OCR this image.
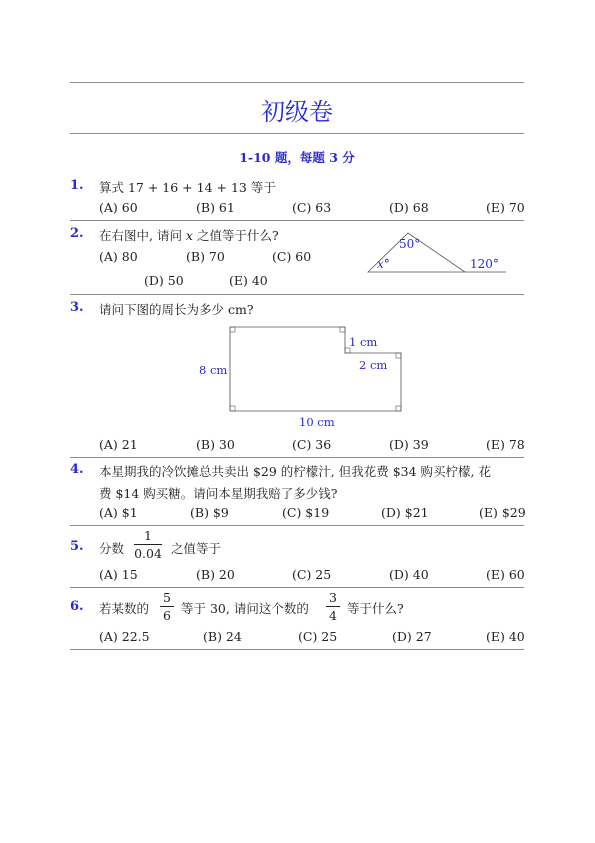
初级卷
1-10 题，每题 3 分
1. 算式 17 + 16 + 14 + 13 等于
(A) 60	(B) 61	(C) 63	(D) 68	(E) 70
2. 在右图中, 请问 x 之值等于什么?
(A) 80	(B) 70	(C) 60
(D) 50	(E) 40
50°
x°	120°
3. 请问下图的周长为多少 cm?
8 cm
1 cm
2 cm
10 cm
(A) 21	(B) 30	(C) 36	(D) 39	(E) 78
4. 本星期我的冷饮摊总共卖出 $29 的柠檬汁, 但我花费 $34 购买柠檬, 花
费 $14 购买糖。请问本星期我赔了多少钱?
(A) $1	(B) $9	(C) $19	(D) $21	(E) $29
5. 分数
1
0.04 之值等于
(A) 15	(B) 20	(C) 25	(D) 40	(E) 60
6. 若某数的
5
6 等于 30, 请问这个数的
3
4 等于什么?
(A) 22.5	(B) 24	(C) 25	(D) 27	(E) 40
